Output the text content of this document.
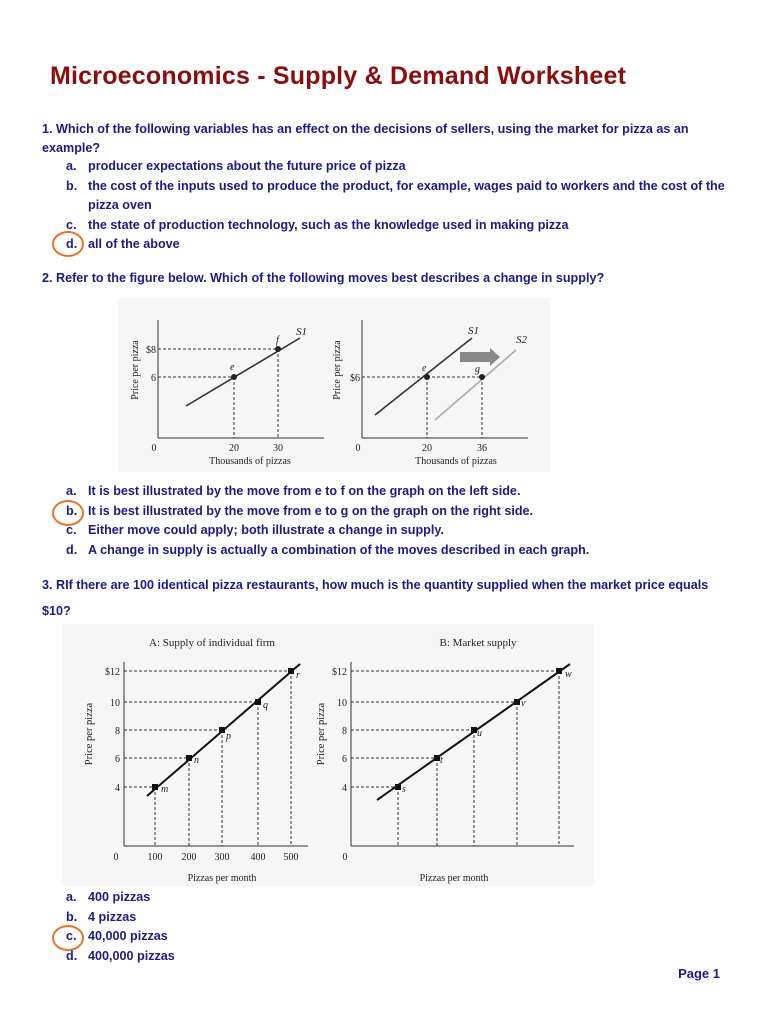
Microeconomics - Supply & Demand Worksheet
1. Which of the following variables has an effect on the decisions of sellers, using the market for pizza as an example?
a. producer expectations about the future price of pizza
b. the cost of the inputs used to produce the product, for example, wages paid to workers and the cost of the pizza oven
c. the state of production technology, such as the knowledge used in making pizza
d. all of the above
2. Refer to the figure below. Which of the following moves best describes a change in supply?
e
f
S1
$8
6
0	20	30
Thousands of pizzas
Price per pizza	e	g
S1
S2
$6
0	20	36
Thousands of pizzas
Price per pizza
a. It is best illustrated by the move from e to f on the graph on the left side.
b. It is best illustrated by the move from e to g on the graph on the right side.
c. Either move could apply; both illustrate a change in supply.
d. A change in supply is actually a combination of the moves described in each graph.
3. RIf there are 100 identical pizza restaurants, how much is the quantity supplied when the market price equals $10?
A: Supply of individual firm
m
n
p
q
r
$12
10
8
6
4
0	100 200 300 400 500
Pizzas per month
Price per pizza
B: Market supply
s
t
u
v
w
$12
10
8
6
4
0
Pizzas per month
Price per pizza
a. 400 pizzas
b. 4 pizzas
c. 40,000 pizzas
d. 400,000 pizzas
Page 1
